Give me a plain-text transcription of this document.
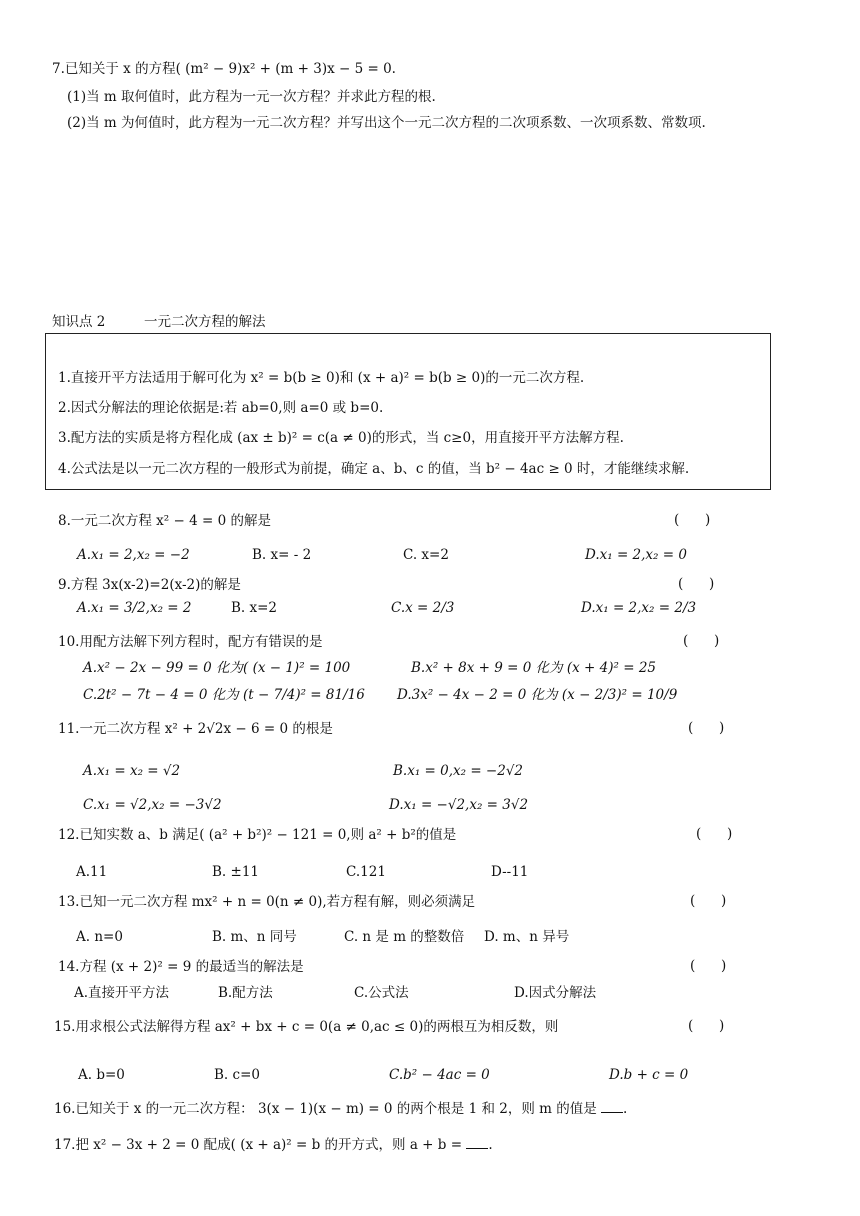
7.已知关于 x 的方程( (m² − 9)x² + (m + 3)x − 5 = 0.
(1)当 m 取何值时，此方程为一元一次方程？并求此方程的根.
(2)当 m 为何值时，此方程为一元二次方程？并写出这个一元二次方程的二次项系数、一次项系数、常数项.
知识点 2	一元二次方程的解法
1.直接开平方法适用于解可化为 x² = b(b ≥ 0)和 (x + a)² = b(b ≥ 0)的一元二次方程.
2.因式分解法的理论依据是:若 ab=0,则 a=0 或 b=0.
3.配方法的实质是将方程化成 (ax ± b)² = c(a ≠ 0)的形式，当 c≥0，用直接开平方法解方程.
4.公式法是以一元二次方程的一般形式为前提，确定 a、b、c 的值，当 b² − 4ac ≥ 0 时，才能继续求解.
8.一元二次方程 x² − 4 = 0 的解是	(      )
A.x₁ = 2,x₂ = −2	B. x= - 2	C. x=2	D.x₁ = 2,x₂ = 0
9.方程 3x(x-2)=2(x-2)的解是	(      )
A.x₁ = 3/2,x₂ = 2	B. x=2	C.x = 2/3	D.x₁ = 2,x₂ = 2/3
10.用配方法解下列方程时，配方有错误的是	(      )
A.x² − 2x − 99 = 0 化为( (x − 1)² = 100	B.x² + 8x + 9 = 0 化为 (x + 4)² = 25
C.2t² − 7t − 4 = 0 化为 (t − 7/4)² = 81/16 D.3x² − 4x − 2 = 0 化为 (x − 2/3)² = 10/9
11.一元二次方程 x² + 2√2x − 6 = 0 的根是	(      )
A.x₁ = x₂ = √2	B.x₁ = 0,x₂ = −2√2
C.x₁ = √2,x₂ = −3√2	D.x₁ = −√2,x₂ = 3√2
12.已知实数 a、b 满足( (a² + b²)² − 121 = 0,则 a² + b²的值是	(      )
A.11	B. ±11	C.121	D--11
13.已知一元二次方程 mx² + n = 0(n ≠ 0),若方程有解，则必须满足	(      )
A. n=0	B. m、n 同号	C. n 是 m 的整数倍 D. m、n 异号
14.方程 (x + 2)² = 9 的最适当的解法是	(      )
A.直接开平方法	B.配方法	C.公式法	D.因式分解法
15.用求根公式法解得方程 ax² + bx + c = 0(a ≠ 0,ac ≤ 0)的两根互为相反数，则	(      )
A. b=0	B. c=0	C.b² − 4ac = 0	D.b + c = 0
16.已知关于 x 的一元二次方程： 3(x − 1)(x − m) = 0 的两个根是 1 和 2，则 m 的值是 .
17.把 x² − 3x + 2 = 0 配成( (x + a)² = b 的开方式，则 a + b = .
